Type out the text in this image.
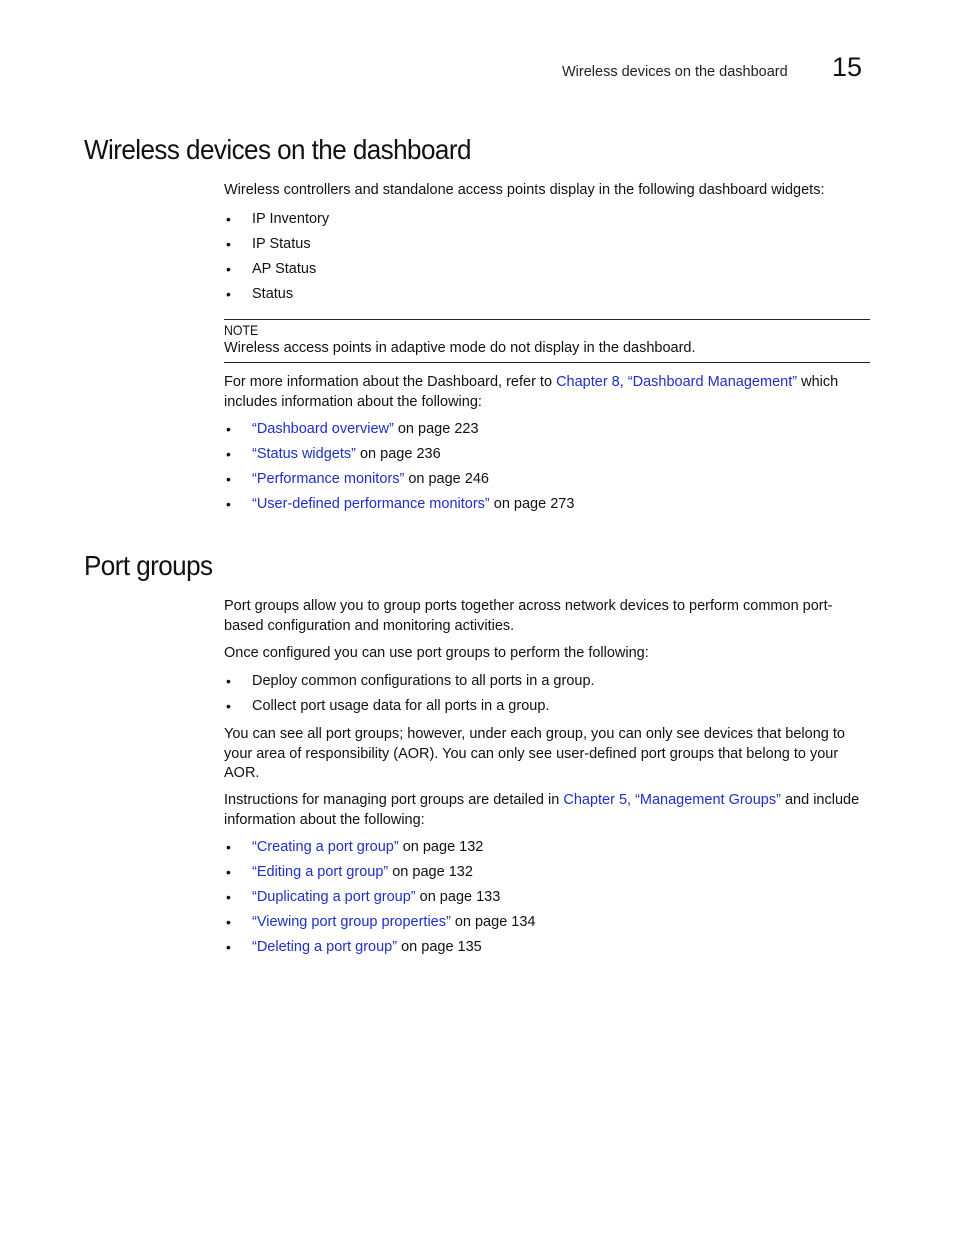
Wireless devices on the dashboard 15
Wireless devices on the dashboard

Wireless controllers and standalone access points display in the following dashboard widgets:

• IP Inventory
• IP Status
• AP Status
• Status
NOTE

Wireless access points in adaptive mode do not display in the dashboard.

For more information about the Dashboard, refer to Chapter 8, “Dashboard Management” which includes information about the following:

• “Dashboard overview” on page 223
• “Status widgets” on page 236
• “Performance monitors” on page 246
• “User-defined performance monitors” on page 273
Port groups

Port groups allow you to group ports together across network devices to perform common port-based configuration and monitoring activities.

Once configured you can use port groups to perform the following:

• Deploy common configurations to all ports in a group.
• Collect port usage data for all ports in a group.

You can see all port groups; however, under each group, you can only see devices that belong to your area of responsibility (AOR). You can only see user-defined port groups that belong to your AOR.

Instructions for managing port groups are detailed in Chapter 5, “Management Groups” and include information about the following:

• “Creating a port group” on page 132
• “Editing a port group” on page 132
• “Duplicating a port group” on page 133
• “Viewing port group properties” on page 134
• “Deleting a port group” on page 135
